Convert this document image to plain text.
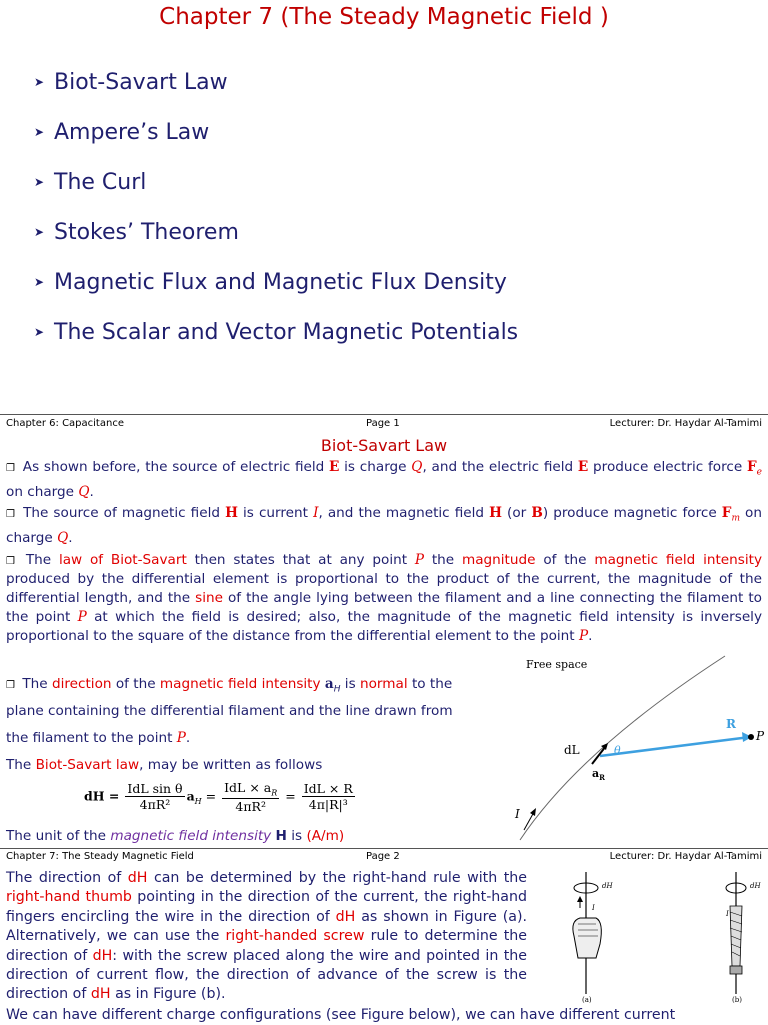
Chapter 7 (The Steady Magnetic Field )
➤ Biot-Savart Law
➤ Ampere’s Law
➤ The Curl
➤ Stokes’ Theorem
➤ Magnetic Flux and Magnetic Flux Density
➤ The Scalar and Vector Magnetic Potentials
Chapter 6: Capacitance	Page 1	Lecturer: Dr. Haydar Al-Tamimi
Biot-Savart Law
❒ As shown before, the source of electric field E is charge Q, and the electric field E produce electric force $F_e$ on charge Q.
❒ The source of magnetic field H is current I, and the magnetic field H (or B) produce magnetic force $F_m$ on charge Q.
❒ The law of Biot-Savart then states that at any point P the magnitude of the magnetic field intensity produced by the differential element is proportional to the product of the current, the magnitude of the differential length, and the sine of the angle lying between the filament and a line connecting the filament to the point P at which the field is desired; also, the magnitude of the magnetic field intensity is inversely proportional to the square of the distance from the differential element to the point P.
❒ The direction of the magnetic field intensity $a_H$ is normal to the
plane containing the differential filament and the line drawn from
the filament to the point P.
The Biot-Savart law, may be written as follows
dH = $\frac{\text{IdL sin θ}}{\text{4πR²}} a_H = \frac{IdL \times a_R}{\text{4πR²}} = \frac{\text{IdL × R}}{\text{4π|R|³}}$
The unit of the magnetic field intensity H is (A/m)
Free space
P
R
dL	θ
$a_R$
I
Chapter 7: The Steady Magnetic Field	Page 2	Lecturer: Dr. Haydar Al-Tamimi
The direction of dH can be determined by the right-hand rule with the right-hand thumb pointing in the direction of the current, the right-hand fingers encircling the wire in the direction of dH as shown in Figure (a). Alternatively, we can use the right-handed screw rule to determine the direction of dH: with the screw placed along the wire and pointed in the direction of current flow, the direction of advance of the screw is the direction of dH as in Figure (b).
dH
I
(a)
dH
I
(b)
We can have different charge configurations (see Figure below), we can have different current
